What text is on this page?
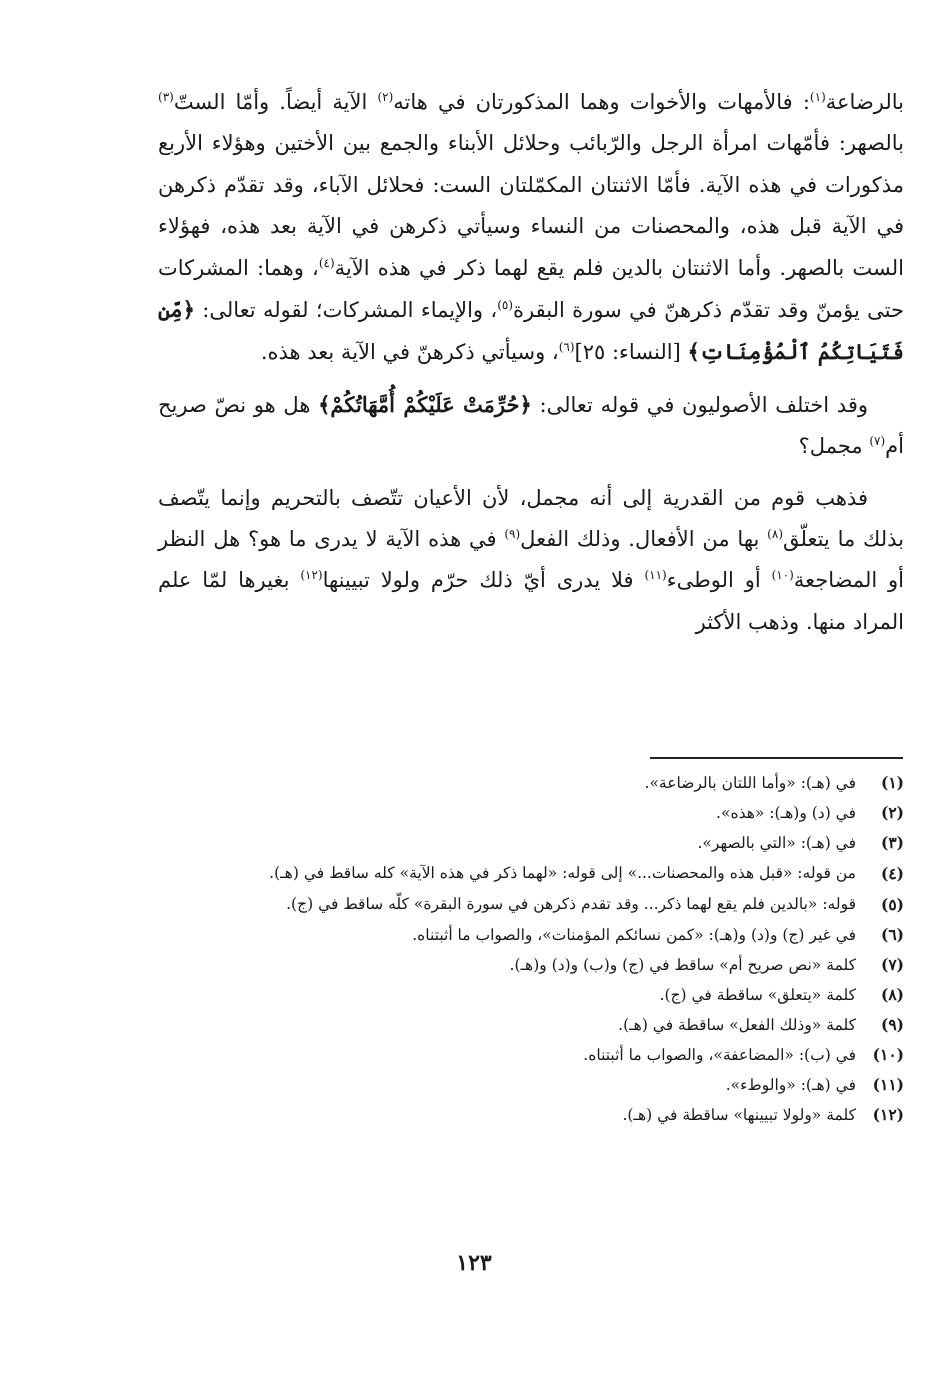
بالرضاعة$^{(١)}$: فالأمهات والأخوات وهما المذكورتان في هاته$^{(٢)}$ الآية أيضاً. وأمّا الستّ$^{(٣)}$ بالصهر: فأمّهات امرأة الرجل والرّبائب وحلائل الأبناء والجمع بين الأختين وهؤلاء الأربع مذكورات في هذه الآية. فأمّا الاثنتان المكمّلتان الست: فحلائل الآباء، وقد تقدّم ذكرهن في الآية قبل هذه، والمحصنات من النساء وسيأتي ذكرهن في الآية بعد هذه، فهؤلاء الست بالصهر. وأما الاثنتان بالدين فلم يقع لهما ذكر في هذه الآية$^{(٤)}$، وهما: المشركات حتى يؤمنّ وقد تقدّم ذكرهنّ في سورة البقرة$^{(٥)}$، والإيماء المشركات؛ لقوله تعالى: ﴿مِّن فَتَيَاتِكُمُ ٱلْمُؤْمِنَاتِ﴾ [النساء: ٢٥]$^{(٦)}$، وسيأتي ذكرهنّ في الآية بعد هذه.

وقد اختلف الأصوليون في قوله تعالى: ﴿حُرِّمَتْ عَلَيْكُمْ أُمَّهَاتُكُمْ﴾ هل هو نصّ صريح أم$^{(٧)}$ مجمل؟

فذهب قوم من القدرية إلى أنه مجمل، لأن الأعيان تتّصف بالتحريم وإنما يتّصف بذلك ما يتعلّق$^{(٨)}$ بها من الأفعال. وذلك الفعل$^{(٩)}$ في هذه الآية لا يدرى ما هو؟ هل النظر أو المضاجعة$^{(١٠)}$ أو الوطىء$^{(١١)}$ فلا يدرى أيّ ذلك حرّم ولولا تبيينها$^{(١٢)}$ بغيرها لمّا علم المراد منها. وذهب الأكثر

(١)
في (هـ): «وأما اللتان بالرضاعة».
(٢)
في (د) و(هـ): «هذه».
(٣)
في (هـ): «التي بالصهر».
(٤)
من قوله: «قبل هذه والمحصنات...» إلى قوله: «لهما ذكر في هذه الآية» كله ساقط في (هـ).
(٥)
قوله: «بالدين فلم يقع لهما ذكر... وقد تقدم ذكرهن في سورة البقرة» كلّه ساقط في (ج).
(٦)
في غير (ج) و(د) و(هـ): «كمن نسائكم المؤمنات»، والصواب ما أثبتناه.
(٧)
كلمة «نص صريح أم» ساقط في (ج) و(ب) و(د) و(هـ).
(٨)
كلمة «يتعلق» ساقطة في (ج).
(٩)
كلمة «وذلك الفعل» ساقطة في (هـ).
(١٠)
في (ب): «المضاعفة»، والصواب ما أثبتناه.
(١١)
في (هـ): «والوطء».
(١٢)
كلمة «ولولا تبيينها» ساقطة في (هـ).
١٢٣
